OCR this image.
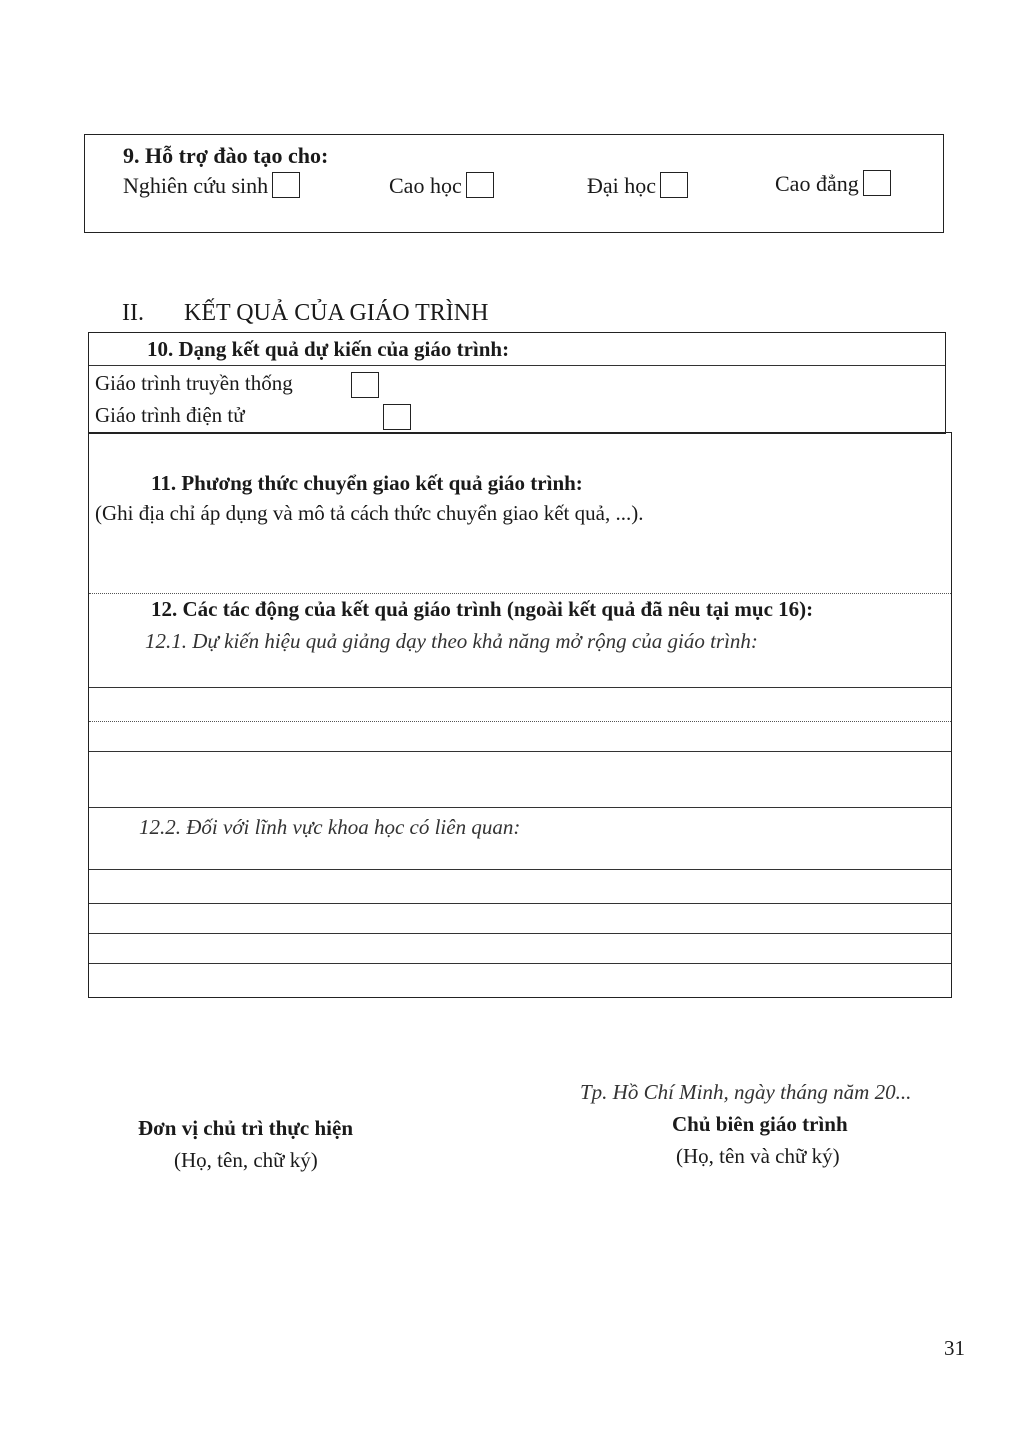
9. Hỗ trợ đào tạo cho:
Nghiên cứu sinh	Cao học	Đại học	Cao đẳng
II. KẾT QUẢ CỦA GIÁO TRÌNH
10. Dạng kết quả dự kiến của giáo trình:
Giáo trình truyền thống

Giáo trình điện tử
11. Phương thức chuyển giao kết quả giáo trình:
(Ghi địa chỉ áp dụng và mô tả cách thức chuyển giao kết quả, ...).
12. Các tác động của kết quả giáo trình (ngoài kết quả đã nêu tại mục 16):
12.1. Dự kiến hiệu quả giảng dạy theo khả năng mở rộng của giáo trình:
12.2. Đối với lĩnh vực khoa học có liên quan:
Tp. Hồ Chí Minh, ngày tháng năm 20...
Đơn vị chủ trì thực hiện
(Họ, tên, chữ ký)
Chủ biên giáo trình
(Họ, tên và chữ ký)
31
